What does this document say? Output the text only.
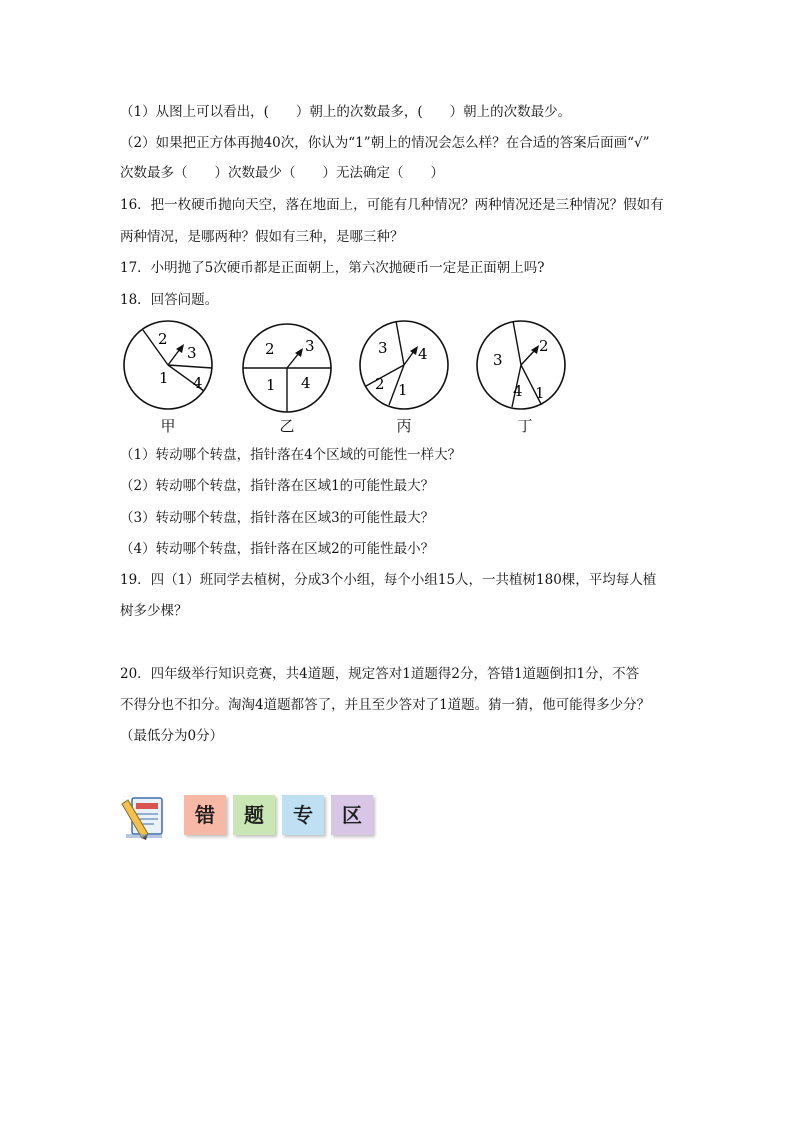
（1）从图上可以看出，(　　）朝上的次数最多，(　　）朝上的次数最少。
（2）如果把正方体再抛40次，你认为“1”朝上的情况会怎么样？在合适的答案后面画“√”
次数最多（　　）次数最少（　　）无法确定（　　）
16．把一枚硬币抛向天空，落在地面上，可能有几种情况？两种情况还是三种情况？假如有
两种情况，是哪两种？假如有三种，是哪三种？
17．小明抛了5次硬币都是正面朝上，第六次抛硬币一定是正面朝上吗?
18．回答问题。
2
3
1 4
甲
2 3
1 4
乙
3 4
2 1
丙
3
2
4 1
丁
（1）转动哪个转盘，指针落在4个区域的可能性一样大？
（2）转动哪个转盘，指针落在区域1的可能性最大？
（3）转动哪个转盘，指针落在区域3的可能性最大？
（4）转动哪个转盘，指针落在区域2的可能性最小？
19．四（1）班同学去植树，分成3个小组，每个小组15人，一共植树180棵，平均每人植
树多少棵？
20．四年级举行知识竞赛，共4道题，规定答对1道题得2分，答错1道题倒扣1分，不答
不得分也不扣分。淘淘4道题都答了，并且至少答对了1道题。猜一猜，他可能得多少分？
（最低分为0分）
错	题	专	区
